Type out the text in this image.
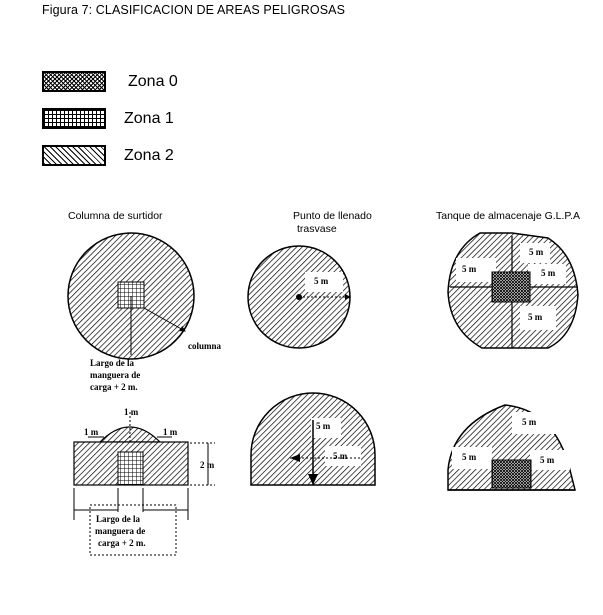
Figura 7: CLASIFICACION DE AREAS PELIGROSAS
Zona 0
Zona 1
Zona 2
Columna de surtidor	Punto de llenado
trasvase
Tanque de almacenaje G.L.P.A
columna
Largo de la
manguera de
carga + 2 m.
1 m
1 m	1 m
2 m
Largo de la
manguera de
carga + 2 m.
5 m
5 m
5 m
5 m
5 m	5 m
5 m
5 m
5 m	5 m
